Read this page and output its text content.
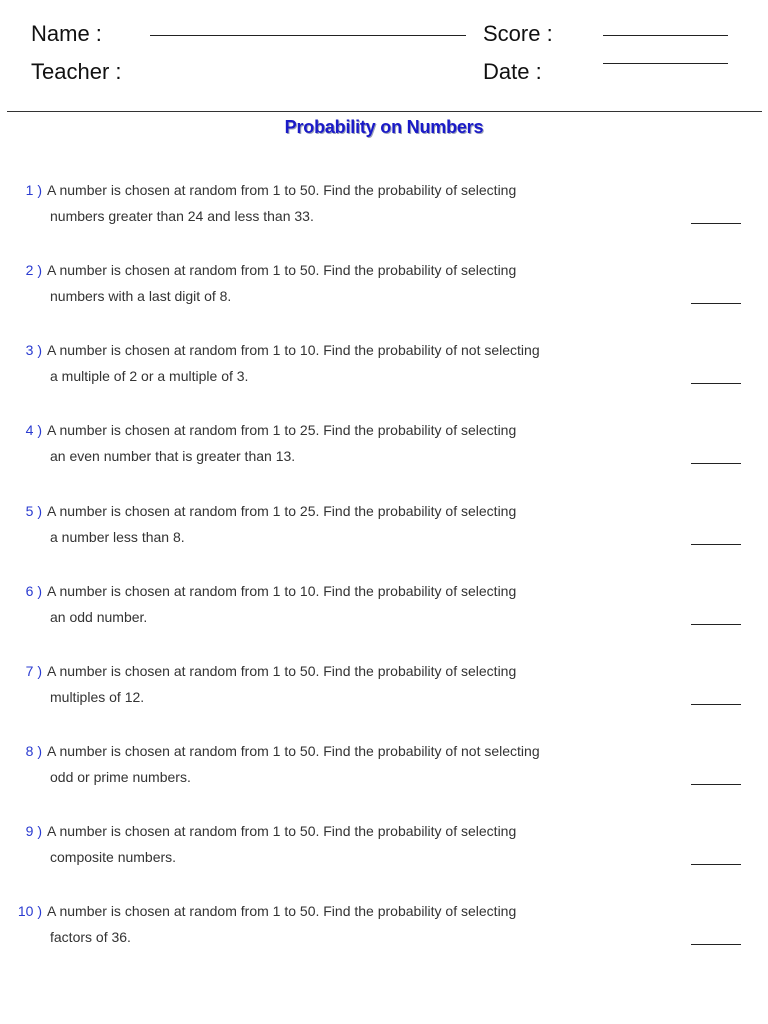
Name :	Score :
Teacher :	Date :
Probability on Numbers
1 ) A number is chosen at random from 1 to 50. Find the probability of selecting
numbers greater than 24 and less than 33.
2 ) A number is chosen at random from 1 to 50. Find the probability of selecting
numbers with a last digit of 8.
3 ) A number is chosen at random from 1 to 10. Find the probability of not selecting
a multiple of 2 or a multiple of 3.
4 ) A number is chosen at random from 1 to 25. Find the probability of selecting
an even number that is greater than 13.
5 ) A number is chosen at random from 1 to 25. Find the probability of selecting
a number less than 8.
6 ) A number is chosen at random from 1 to 10. Find the probability of selecting
an odd number.
7 ) A number is chosen at random from 1 to 50. Find the probability of selecting
multiples of 12.
8 ) A number is chosen at random from 1 to 50. Find the probability of not selecting
odd or prime numbers.
9 ) A number is chosen at random from 1 to 50. Find the probability of selecting
composite numbers.
10 ) A number is chosen at random from 1 to 50. Find the probability of selecting
factors of 36.
